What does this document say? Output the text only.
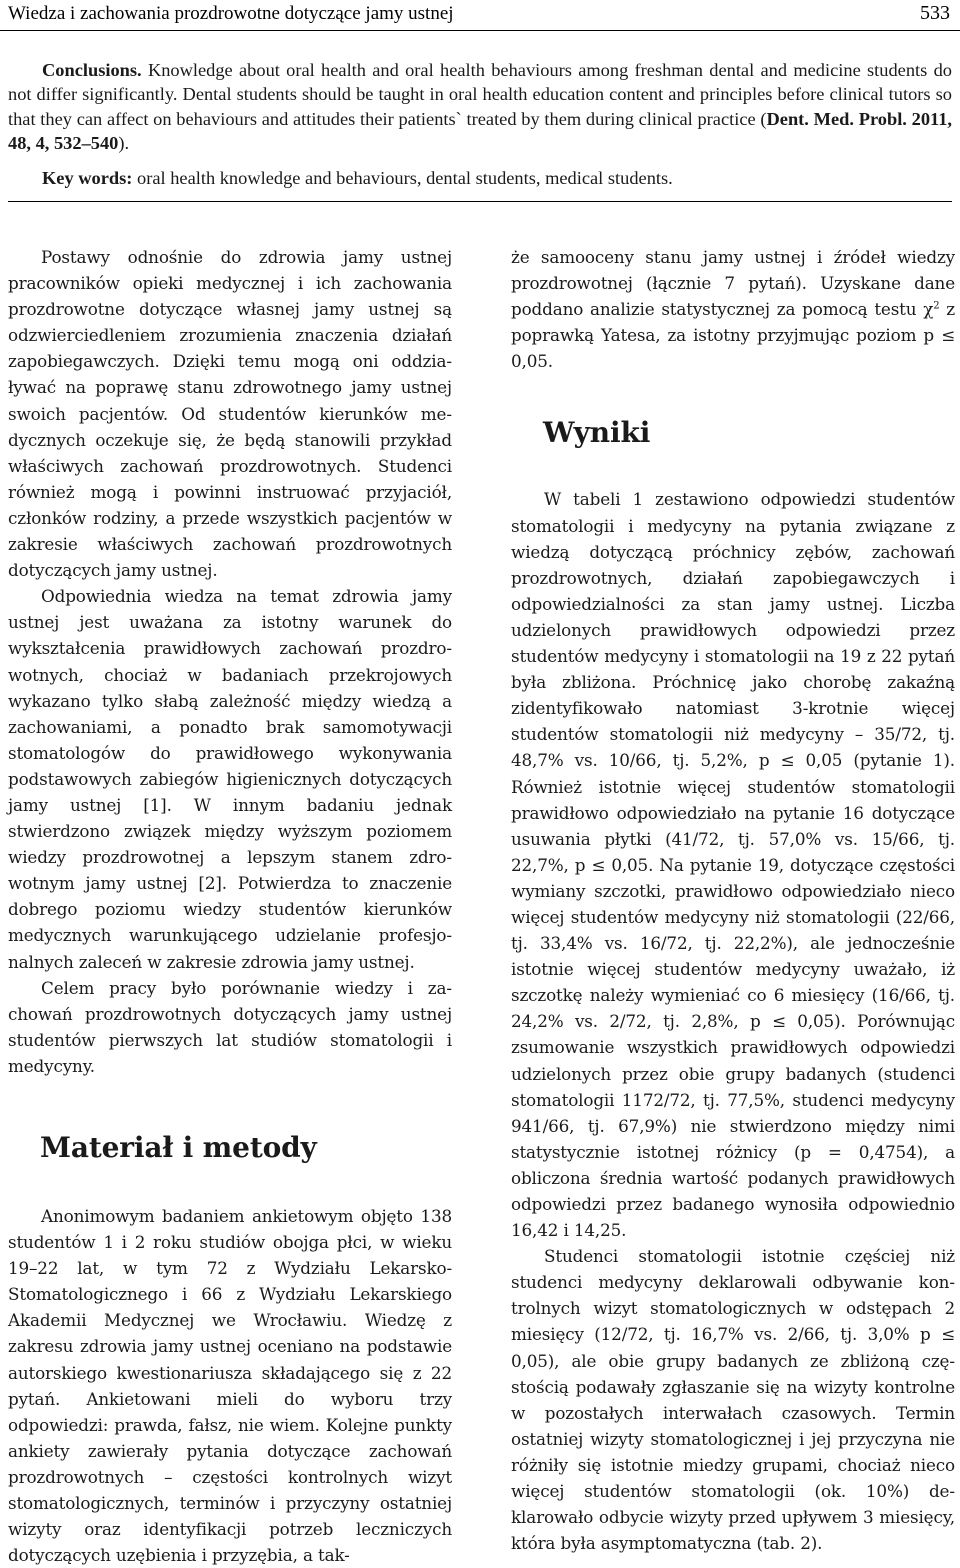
Wiedza i zachowania prozdrowotne dotyczące jamy ustnej	533

Conclusions. Knowledge about oral health and oral health behaviours among freshman dental and medicine students do not differ significantly. Dental students should be taught in oral health education content and principles before clinical tutors so that they can affect on behaviours and attitudes their patients` treated by them during clinical practice (Dent. Med. Probl. 2011, 48, 4, 532–540).

Key words: oral health knowledge and behaviours, dental students, medical students.

Postawy odnośnie do zdrowia jamy ustnej pracowników opieki medycznej i ich zachowania prozdrowotne dotyczące własnej jamy ustnej są odzwierciedleniem zrozumienia znaczenia działań zapobiegawczych. Dzięki temu mogą oni oddziaływać na poprawę stanu zdrowotnego jamy ustnej swoich pacjentów. Od studentów kierunków medycznych oczekuje się, że będą stanowili przykład właściwych zachowań prozdrowotnych. Studenci również mogą i powinni instruować przyjaciół, członków rodziny, a przede wszystkich pacjentów w zakresie właściwych zachowań prozdrowotnych dotyczących jamy ustnej.

Odpowiednia wiedza na temat zdrowia jamy ustnej jest uważana za istotny warunek do wykształcenia prawidłowych zachowań prozdrowotnych, chociaż w badaniach przekrojowych wykazano tylko słabą zależność między wiedzą a zachowaniami, a ponadto brak samomotywacji stomatologów do prawidłowego wykonywania podstawowych zabiegów higienicznych dotyczących jamy ustnej [1]. W innym badaniu jednak stwierdzono związek między wyższym poziomem wiedzy prozdrowotnej a lepszym stanem zdrowotnym jamy ustnej [2]. Potwierdza to znaczenie dobrego poziomu wiedzy studentów kierunków medycznych warunkującego udzielanie profesjonalnych zaleceń w zakresie zdrowia jamy ustnej.

Celem pracy było porównanie wiedzy i zachowań prozdrowotnych dotyczących jamy ustnej studentów pierwszych lat studiów stomatologii i medycyny.

Materiał i metody

Anonimowym badaniem ankietowym objęto 138 studentów 1 i 2 roku studiów obojga płci, w wieku 19–22 lat, w tym 72 z Wydziału Lekarsko-Stomatologicznego i 66 z Wydziału Lekarskiego Akademii Medycznej we Wrocławiu. Wiedzę z zakresu zdrowia jamy ustnej oceniano na podstawie autorskiego kwestionariusza składającego się z 22 pytań. Ankietowani mieli do wyboru trzy odpowiedzi: prawda, fałsz, nie wiem. Kolejne punkty ankiety zawierały pytania dotyczące zachowań prozdrowotnych – częstości kontrolnych wizyt stomatologicznych, terminów i przyczyny ostatniej wizyty oraz identyfikacji potrzeb leczniczych dotyczących uzębienia i przyzębia, a tak-

że samooceny stanu jamy ustnej i źródeł wiedzy prozdrowotnej (łącznie 7 pytań). Uzyskane dane poddano analizie statystycznej za pomocą testu $\chi^2$ z poprawką Yatesa, za istotny przyjmując poziom p ≤ 0,05.

Wyniki

W tabeli 1 zestawiono odpowiedzi studentów stomatologii i medycyny na pytania związane z wiedzą dotyczącą próchnicy zębów, zachowań prozdrowotnych, działań zapobiegawczych i odpowiedzialności za stan jamy ustnej. Liczba udzielonych prawidłowych odpowiedzi przez studentów medycyny i stomatologii na 19 z 22 pytań była zbliżona. Próchnicę jako chorobę zakaźną zidentyfikowało natomiast 3-krotnie więcej studentów stomatologii niż medycyny – 35/72, tj. 48,7% vs. 10/66, tj. 5,2%, p ≤ 0,05 (pytanie 1). Również istotnie więcej studentów stomatologii prawidłowo odpowiedziało na pytanie 16 dotyczące usuwania płytki (41/72, tj. 57,0% vs. 15/66, tj. 22,7%, p ≤ 0,05. Na pytanie 19, dotyczące częstości wymiany szczotki, prawidłowo odpowiedziało nieco więcej studentów medycyny niż stomatologii (22/66, tj. 33,4% vs. 16/72, tj. 22,2%), ale jednocześnie istotnie więcej studentów medycyny uważało, iż szczotkę należy wymieniać co 6 miesięcy (16/66, tj. 24,2% vs. 2/72, tj. 2,8%, p ≤ 0,05). Porównując zsumowanie wszystkich prawidłowych odpowiedzi udzielonych przez obie grupy badanych (studenci stomatologii 1172/72, tj. 77,5%, studenci medycyny 941/66, tj. 67,9%) nie stwierdzono między nimi statystycznie istotnej różnicy (p = 0,4754), a obliczona średnia wartość podanych prawidłowych odpowiedzi przez badanego wynosiła odpowiednio 16,42 i 14,25.

Studenci stomatologii istotnie częściej niż studenci medycyny deklarowali odbywanie kontrolnych wizyt stomatologicznych w odstępach 2 miesięcy (12/72, tj. 16,7% vs. 2/66, tj. 3,0% p ≤ 0,05), ale obie grupy badanych ze zbliżoną częstością podawały zgłaszanie się na wizyty kontrolne w pozostałych interwałach czasowych. Termin ostatniej wizyty stomatologicznej i jej przyczyna nie różniły się istotnie miedzy grupami, chociaż nieco więcej studentów stomatologii (ok. 10%) deklarowało odbycie wizyty przed upływem 3 miesięcy, która była asymptomatyczna (tab. 2).
